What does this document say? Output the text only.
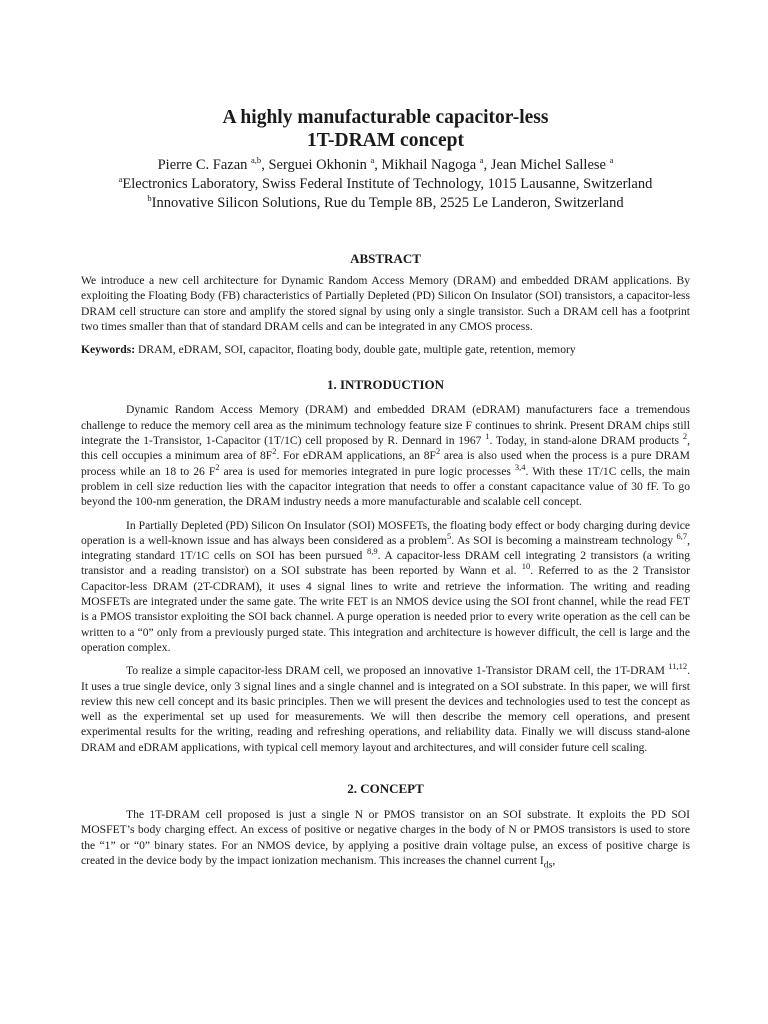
A highly manufacturable capacitor-less
1T-DRAM concept
Pierre C. Fazan $^{a,b}$, Serguei Okhonin $^a$, Mikhail Nagoga $^a$, Jean Michel Sallese $^a$
$^a$Electronics Laboratory, Swiss Federal Institute of Technology, 1015 Lausanne, Switzerland
$^b$Innovative Silicon Solutions, Rue du Temple 8B, 2525 Le Landeron, Switzerland
ABSTRACT

We introduce a new cell architecture for Dynamic Random Access Memory (DRAM) and embedded DRAM applications. By exploiting the Floating Body (FB) characteristics of Partially Depleted (PD) Silicon On Insulator (SOI) transistors, a capacitor-less DRAM cell structure can store and amplify the stored signal by using only a single transistor. Such a DRAM cell has a footprint two times smaller than that of standard DRAM cells and can be integrated in any CMOS process.

Keywords: DRAM, eDRAM, SOI, capacitor, floating body, double gate, multiple gate, retention, memory

1. INTRODUCTION

Dynamic Random Access Memory (DRAM) and embedded DRAM (eDRAM) manufacturers face a tremendous challenge to reduce the memory cell area as the minimum technology feature size F continues to shrink. Present DRAM chips still integrate the 1-Transistor, 1-Capacitor (1T/1C) cell proposed by R. Dennard in 1967 $^1$. Today, in stand-alone DRAM products $^2$, this cell occupies a minimum area of $8F^2$. For eDRAM applications, an $8F^2$ area is also used when the process is a pure DRAM process while an 18 to 26 $F^2$ area is used for memories integrated in pure logic processes $^{3,4}$. With these 1T/1C cells, the main problem in cell size reduction lies with the capacitor integration that needs to offer a constant capacitance value of 30 fF. To go beyond the 100-nm generation, the DRAM industry needs a more manufacturable and scalable cell concept.

In Partially Depleted (PD) Silicon On Insulator (SOI) MOSFETs, the floating body effect or body charging during device operation is a well-known issue and has always been considered as a problem$^5$. As SOI is becoming a mainstream technology $^{6,7}$, integrating standard 1T/1C cells on SOI has been pursued $^{8,9}$. A capacitor-less DRAM cell integrating 2 transistors (a writing transistor and a reading transistor) on a SOI substrate has been reported by Wann et al. $^{10}$. Referred to as the 2 Transistor Capacitor-less DRAM (2T-CDRAM), it uses 4 signal lines to write and retrieve the information. The writing and reading MOSFETs are integrated under the same gate. The write FET is an NMOS device using the SOI front channel, while the read FET is a PMOS transistor exploiting the SOI back channel. A purge operation is needed prior to every write operation as the cell can be written to a “0” only from a previously purged state. This integration and architecture is however difficult, the cell is large and the operation complex.

To realize a simple capacitor-less DRAM cell, we proposed an innovative 1-Transistor DRAM cell, the 1T-DRAM $^{11,12}$. It uses a true single device, only 3 signal lines and a single channel and is integrated on a SOI substrate. In this paper, we will first review this new cell concept and its basic principles. Then we will present the devices and technologies used to test the concept as well as the experimental set up used for measurements. We will then describe the memory cell operations, and present experimental results for the writing, reading and refreshing operations, and reliability data. Finally we will discuss stand-alone DRAM and eDRAM applications, with typical cell memory layout and architectures, and will consider future cell scaling.

2. CONCEPT

The 1T-DRAM cell proposed is just a single N or PMOS transistor on an SOI substrate. It exploits the PD SOI MOSFET’s body charging effect. An excess of positive or negative charges in the body of N or PMOS transistors is used to store the “1” or “0” binary states. For an NMOS device, by applying a positive drain voltage pulse, an excess of positive charge is created in the device body by the impact ionization mechanism. This increases the channel current $I_{ds}$,
